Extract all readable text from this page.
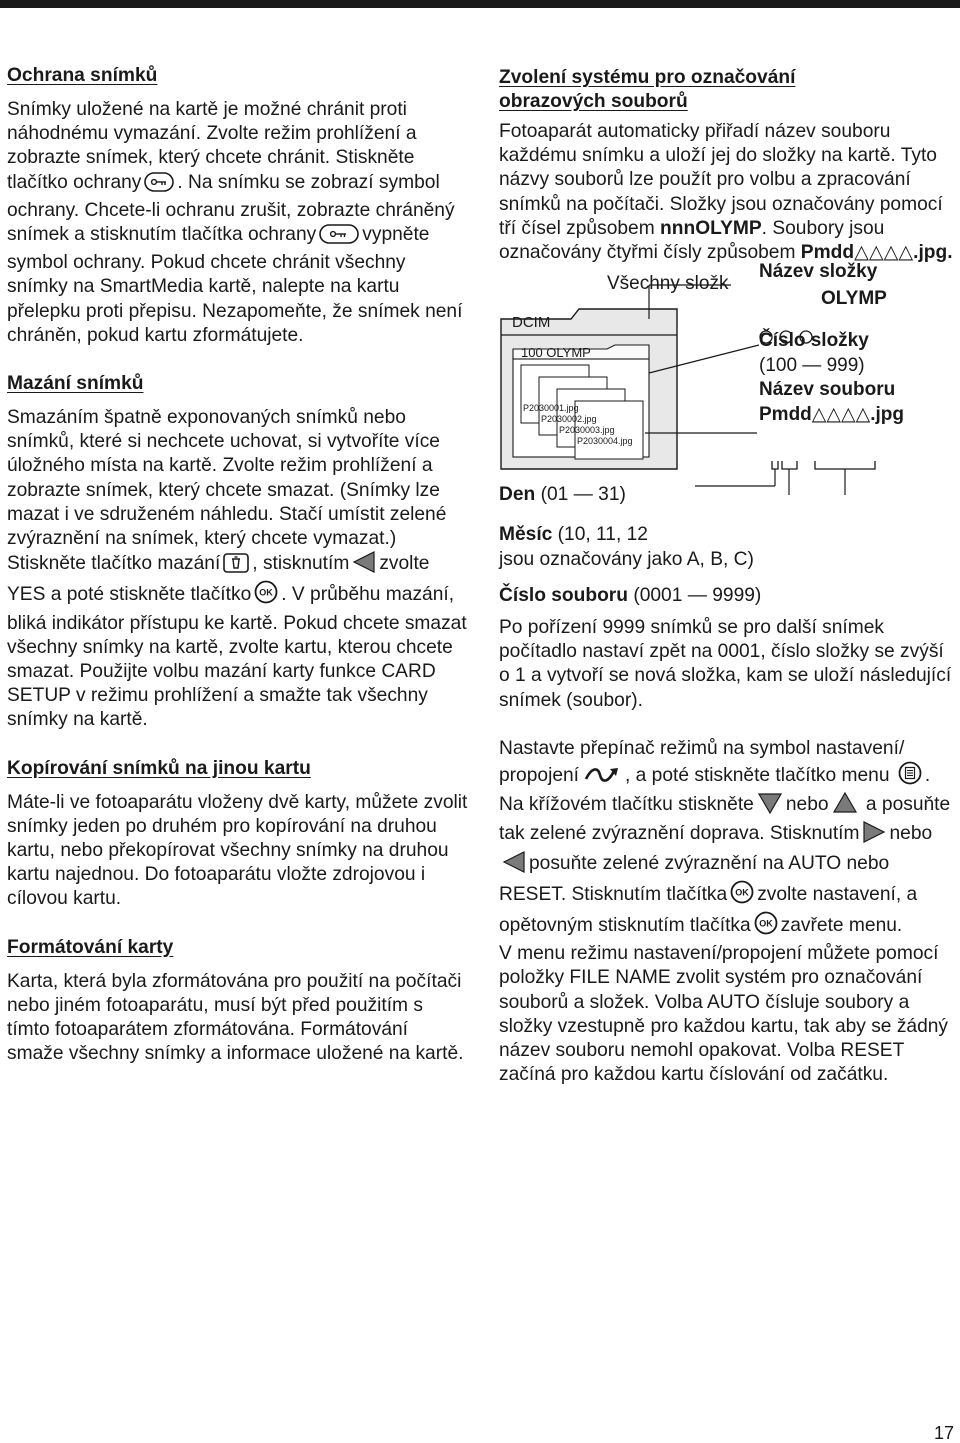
Ochrana snímků

Snímky uložené na kartě je možné chránit proti náhodnému vymazání. Zvolte režim prohlížení a zobrazte snímek, který chcete chránit. Stiskněte tlačítko ochrany . Na snímku se zobrazí symbol ochrany. Chcete-li ochranu zrušit, zobrazte chráněný snímek a stisknutím tlačítka ochrany vypněte symbol ochrany. Pokud chcete chránit všechny snímky na SmartMedia kartě, nalepte na kartu přelepku proti přepisu. Nezapomeňte, že snímek není chráněn, pokud kartu zformátujete.

Mazání snímků

Smazáním špatně exponovaných snímků nebo snímků, které si nechcete uchovat, si vytvoříte více úložného místa na kartě. Zvolte režim prohlížení a zobrazte snímek, který chcete smazat. (Snímky lze mazat i ve sdruženém náhledu. Stačí umístit zelené zvýraznění na snímek, který chcete vymazat.) Stiskněte tlačítko mazání , stisknutím zvolte YES a poté stiskněte tlačítko OK . V průběhu mazání, bliká indikátor přístupu ke kartě. Pokud chcete smazat všechny snímky na kartě, zvolte kartu, kterou chcete smazat. Použijte volbu mazání karty funkce CARD SETUP v režimu prohlížení a smažte tak všechny snímky na kartě.

Kopírování snímků na jinou kartu

Máte-li ve fotoaparátu vloženy dvě karty, můžete zvolit snímky jeden po druhém pro kopírování na druhou kartu, nebo překopírovat všechny snímky na druhou kartu najednou. Do fotoaparátu vložte zdrojovou i cílovou kartu.

Formátování karty

Karta, která byla zformátována pro použití na počítači nebo jiném fotoaparátu, musí být před použitím s tímto fotoaparátem zformátována. Formátování smaže všechny snímky a informace uložené na kartě.

Zvolení systému pro označování
obrazových souborů

Fotoaparát automaticky přiřadí název souboru každému snímku a uloží jej do složky na kartě. Tyto názvy souborů lze použít pro volbu a zpracování snímků na počítači. Složky jsou označovány pomocí tří čísel způsobem nnnOLYMP. Soubory jsou označovány čtyřmi čísly způsobem Pmdd△△△△.jpg.

Všechny složk
DCIM
100 OLYMP
P2030001.jpg
P2030002.jpg
P2030003.jpg
P2030004.jpg
Název složky
OLYMP
Číslo složky
(100 — 999)
Název souboru
Pmdd△△△△.jpg

Den (01 — 31)

Měsíc (10, 11, 12
jsou označovány jako A, B, C)

Číslo souboru (0001 — 9999)

Po pořízení 9999 snímků se pro další snímek počítadlo nastaví zpět na 0001, číslo složky se zvýší o 1 a vytvoří se nová složka, kam se uloží následující snímek (soubor).

Nastavte přepínač režimů na symbol nastavení/ propojení , a poté stiskněte tlačítko menu . Na křížovém tlačítku stiskněte nebo a posuňte tak zelené zvýraznění doprava. Stisknutím neboposuňte zelené zvýraznění na AUTO nebo RESET. Stisknutím tlačítka OK zvolte nastavení, a opětovným stisknutím tlačítka OK zavřete menu.
V menu režimu nastavení/propojení můžete pomocí položky FILE NAME zvolit systém pro označování souborů a složek. Volba AUTO čísluje soubory a složky vzestupně pro každou kartu, tak aby se žádný název souboru nemohl opakovat. Volba RESET začíná pro každou kartu číslování od začátku.

17
